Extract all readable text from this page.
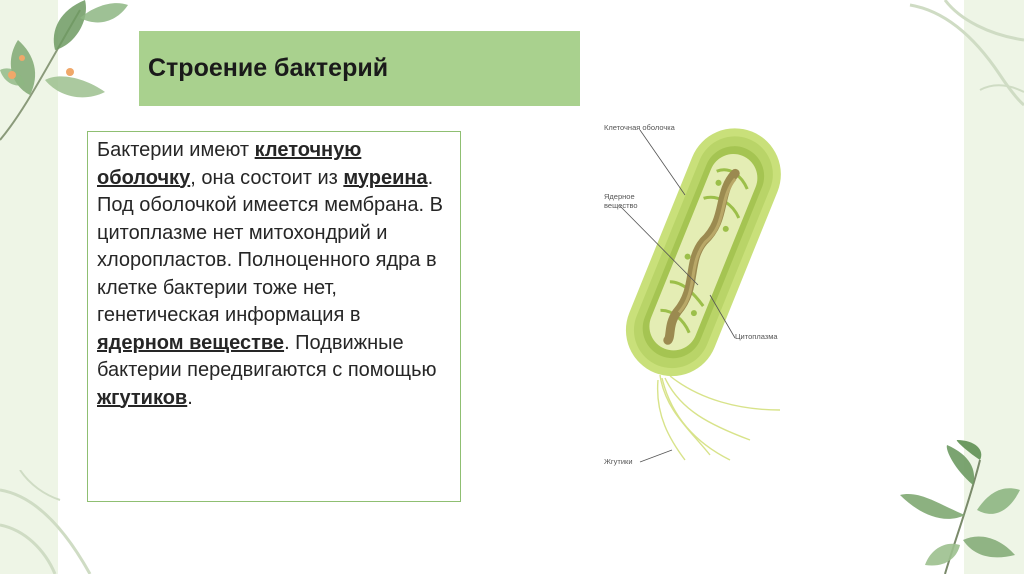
Строение бактерий

Бактерии имеют клеточную оболочку, она состоит из муреина. Под оболочкой имеется мембрана. В цитоплазме нет митохондрий и хлоропластов. Полноценного ядра в клетке бактерии тоже нет, генетическая информация в ядерном веществе. Подвижные бактерии передвигаются с помощью жгутиков.

Клеточная оболочка
Ядерное
вещество
Цитоплазма
Жгутики
